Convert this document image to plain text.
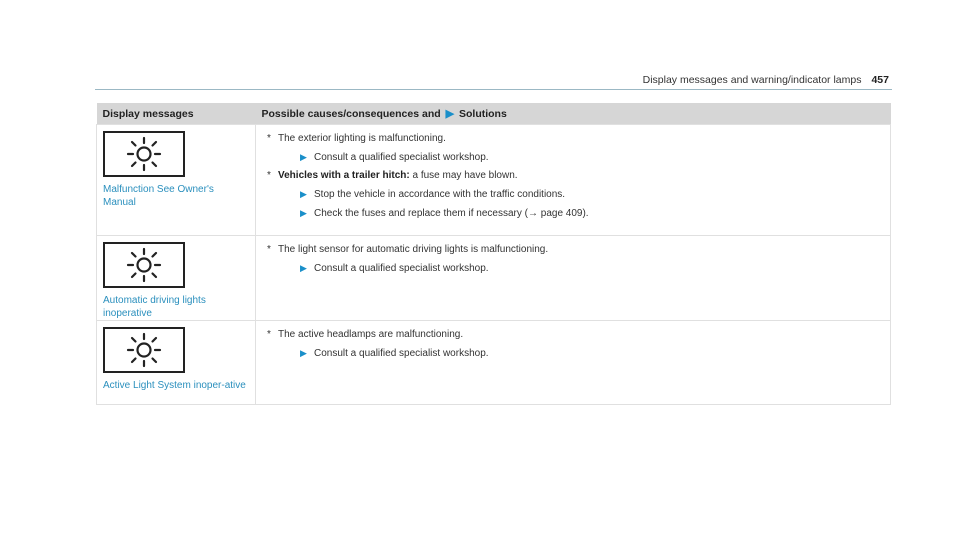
Display messages and warning/indicator lamps 457
Display messages	Possible causes/consequences and ▶ Solutions

Malfunction See Owner's Manual	* The exterior lighting is malfunctioning.
▶ Consult a qualified specialist workshop.
* Vehicles with a trailer hitch: a fuse may have blown.
▶ Stop the vehicle in accordance with the traffic conditions.
▶ Check the fuses and replace them if necessary (→ page 409).

Automatic driving lights inoperative	* The light sensor for automatic driving lights is malfunctioning.
▶ Consult a qualified specialist workshop.

Active Light System inoper-ative	* The active headlamps are malfunctioning.
▶ Consult a qualified specialist workshop.
